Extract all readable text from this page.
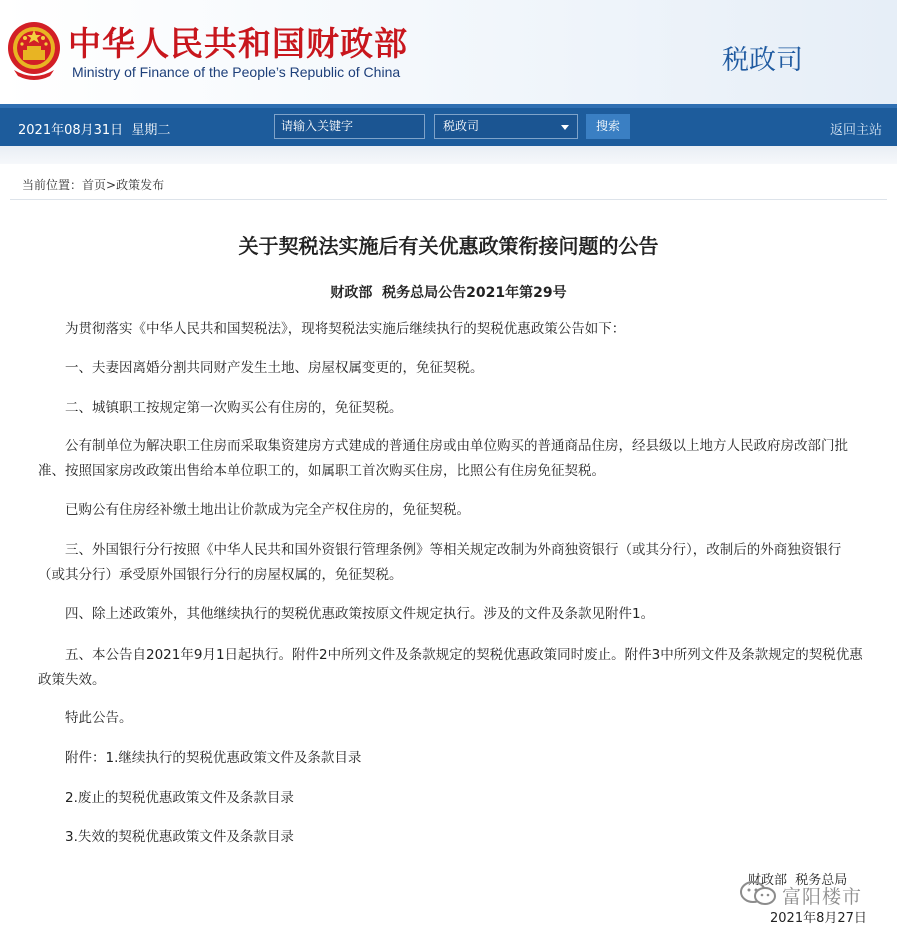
中华人民共和国财政部
Ministry of Finance of the People’s Republic of China	税政司
2021年08月31日  星期二	请输入关键字	税政司	搜索	返回主站
当前位置：首页>政策发布
关于契税法实施后有关优惠政策衔接问题的公告
财政部  税务总局公告2021年第29号
为贯彻落实《中华人民共和国契税法》，现将契税法实施后继续执行的契税优惠政策公告如下：
一、夫妻因离婚分割共同财产发生土地、房屋权属变更的，免征契税。
二、城镇职工按规定第一次购买公有住房的，免征契税。
公有制单位为解决职工住房而采取集资建房方式建成的普通住房或由单位购买的普通商品住房，经县级以上地方人民政府房改部门批准、按照国家房改政策出售给本单位职工的，如属职工首次购买住房，比照公有住房免征契税。
已购公有住房经补缴土地出让价款成为完全产权住房的，免征契税。
三、外国银行分行按照《中华人民共和国外资银行管理条例》等相关规定改制为外商独资银行（或其分行），改制后的外商独资银行（或其分行）承受原外国银行分行的房屋权属的，免征契税。
四、除上述政策外，其他继续执行的契税优惠政策按原文件规定执行。涉及的文件及条款见附件1。
五、本公告自2021年9月1日起执行。附件2中所列文件及条款规定的契税优惠政策同时废止。附件3中所列文件及条款规定的契税优惠政策失效。
特此公告。
附件：1.继续执行的契税优惠政策文件及条款目录
2.废止的契税优惠政策文件及条款目录
3.失效的契税优惠政策文件及条款目录
财政部  税务总局
2021年8月27日
富阳楼市
